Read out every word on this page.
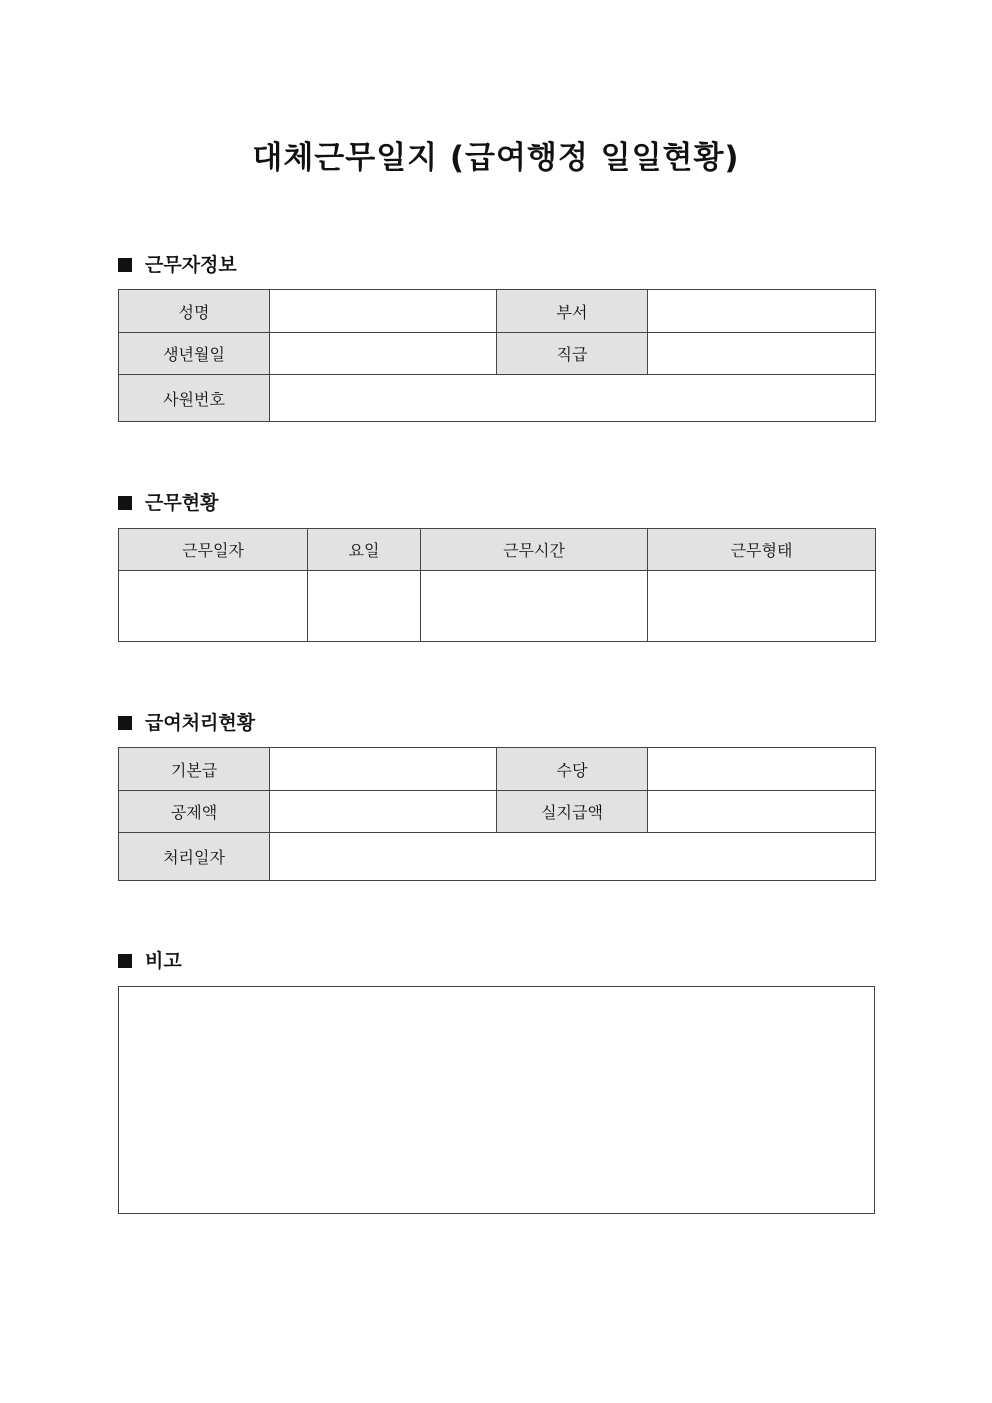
대체근무일지 (급여행정 일일현황)
근무자정보
성명		부서	
생년월일		직급	
사원번호			
근무현황
근무일자	요일	근무시간	근무형태

급여처리현황
기본급		수당	
공제액		실지급액	
처리일자			
비고
